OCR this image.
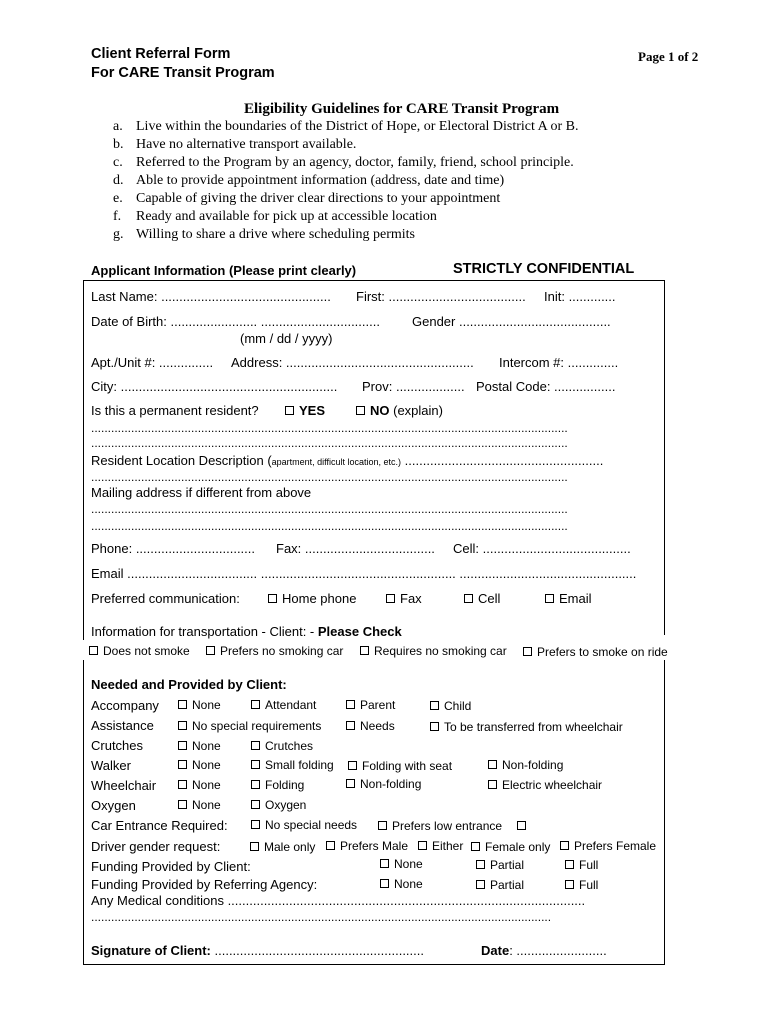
Client Referral Form
For CARE Transit Program
Page 1 of 2
Eligibility Guidelines for CARE Transit Program
a. Live within the boundaries of the District of Hope, or Electoral District A or B.
b. Have no alternative transport available.
c. Referred to the Program by an agency, doctor, family, friend, school principle.
d. Able to provide appointment information (address, date and time)
e. Capable of giving the driver clear directions to your appointment
f. Ready and available for pick up at accessible location
g. Willing to share a drive where scheduling permits
Applicant Information (Please print clearly)	STRICTLY CONFIDENTIAL
Last Name: ............................................... First: ...................................... Init: .............
Date of Birth: ........................ ................................. Gender ..........................................
(mm / dd / yyyy)
Apt./Unit #: ............... Address: .................................................... Intercom #: ..............
City: ............................................................ Prov: ................... Postal Code: .................
Is this a permanent resident?	YES	NO (explain)
...............................................................................................................................................
...............................................................................................................................................
Resident Location Description (apartment, difficult location, etc.) .......................................................
...............................................................................................................................................
Mailing address if different from above
...............................................................................................................................................
...............................................................................................................................................
Phone: ................................. Fax: .................................... Cell: .........................................
Email .................................... ...................................................... .................................................
Preferred communication:	Home phone	Fax	Cell	Email
Information for transportation - Client: - Please Check
Does not smoke	Prefers no smoking car	Requires no smoking car	Prefers to smoke on ride
Needed and Provided by Client:
Accompany	None	Attendant	Parent	Child
Assistance	No special requirements	Needs	To be transferred from wheelchair
Crutches	None	Crutches
Walker	None	Small folding	Folding with seat	Non-folding
Wheelchair	None	Folding	Non-folding	Electric wheelchair
Oxygen	None	Oxygen
Car Entrance Required:	No special needs	Prefers low entrance
Driver gender request:	Male only	Prefers Male	Either	Female only	Prefers Female
Funding Provided by Client:	None	Partial	Full
Funding Provided by Referring Agency:	None	Partial	Full
Any Medical conditions ...................................................................................................
..........................................................................................................................................
Signature of Client: ..........................................................	Date: .........................
